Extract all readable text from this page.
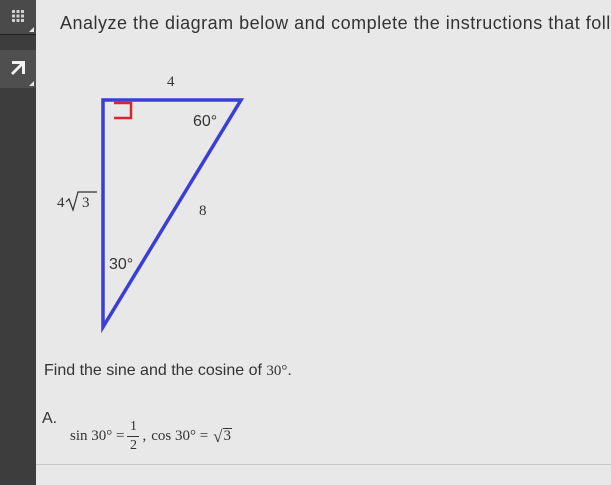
Analyze the diagram below and complete the instructions that foll
4
60°
4 3	8
30°
Find the sine and the cosine of 30°.
A.
$\sin 30^\circ = \frac{1}{2}$ , cos 30° = √ 3
